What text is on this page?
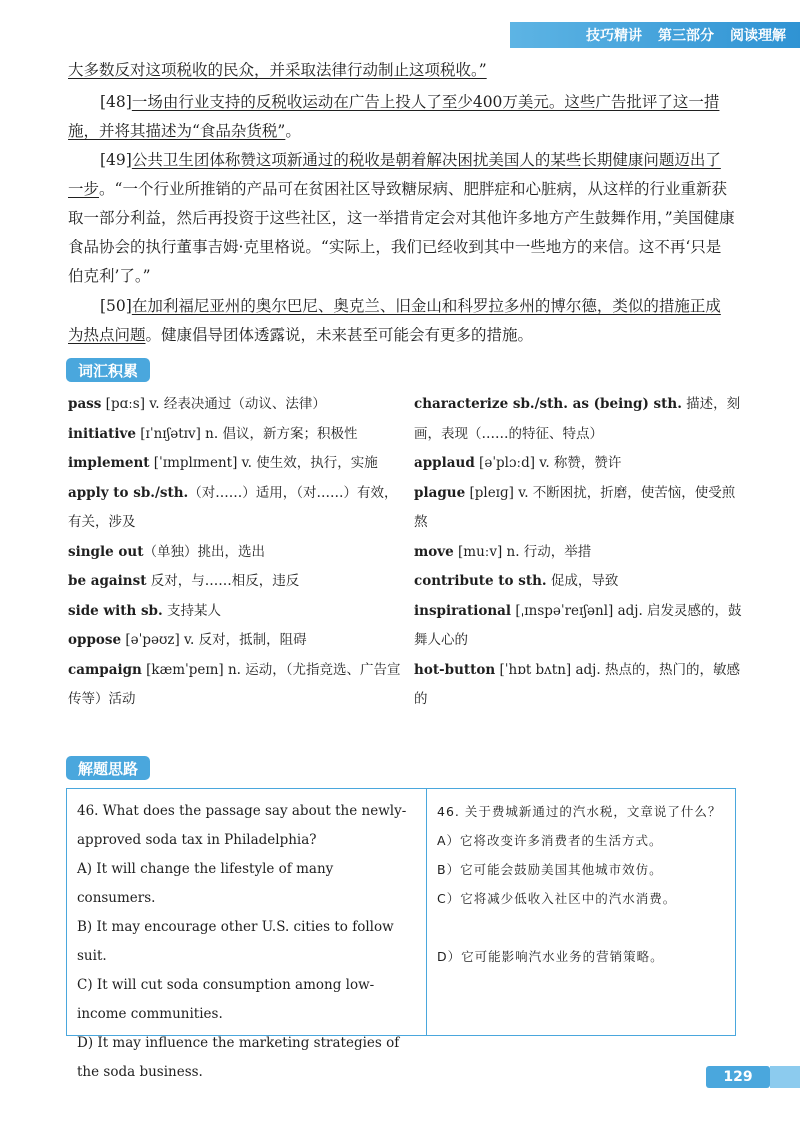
技巧精讲 第三部分 阅读理解

大多数反对这项税收的民众，并采取法律行动制止这项税收。”

[48]一场由行业支持的反税收运动在广告上投人了至少400万美元。这些广告批评了这一措施，并将其描述为“食品杂货税”。

[49]公共卫生团体称赞这项新通过的税收是朝着解决困扰美国人的某些长期健康问题迈出了一步。“一个行业所推销的产品可在贫困社区导致糖尿病、肥胖症和心脏病，从这样的行业重新获取一部分利益，然后再投资于这些社区，这一举措肯定会对其他许多地方产生鼓舞作用，”美国健康食品协会的执行董事吉姆·克里格说。“实际上，我们已经收到其中一些地方的来信。这不再‘只是伯克利’了。”

[50]在加利福尼亚州的奥尔巴尼、奥克兰、旧金山和科罗拉多州的博尔德，类似的措施正成为热点问题。健康倡导团体透露说，未来甚至可能会有更多的措施。

词汇积累

pass [pɑːs] v. 经表决通过（动议、法律）

initiative [ɪˈnɪʃətɪv] n. 倡议，新方案；积极性

implement [ˈɪmplɪment] v. 使生效，执行，实施

apply to sb./sth.（对……）适用，（对……）有效，有关，涉及

single out（单独）挑出，选出

be against 反对，与……相反，违反

side with sb. 支持某人

oppose [əˈpəʊz] v. 反对，抵制，阻碍

campaign [kæmˈpeɪn] n. 运动，（尤指竞选、广告宣传等）活动

characterize sb./sth. as (being) sth. 描述，刻画，表现（……的特征、特点）

applaud [əˈplɔːd] v. 称赞，赞许

plague [pleɪɡ] v. 不断困扰，折磨，使苦恼，使受煎熬

move [muːv] n. 行动，举措

contribute to sth. 促成，导致

inspirational [ˌɪnspəˈreɪʃənl] adj. 启发灵感的，鼓舞人心的

hot-button [ˈhɒt bʌtn] adj. 热点的，热门的，敏感的

解题思路

46. What does the passage say about the newly-approved soda tax in Philadelphia?

A) It will change the lifestyle of many consumers.

B) It may encourage other U.S. cities to follow suit.

C) It will cut soda consumption among low-income communities.

D) It may influence the marketing strategies of the soda business.

46. 关于费城新通过的汽水税，文章说了什么？

A）它将改变许多消费者的生活方式。

B）它可能会鼓励美国其他城市效仿。

C）它将减少低收入社区中的汽水消费。

D）它可能影响汽水业务的营销策略。

129
